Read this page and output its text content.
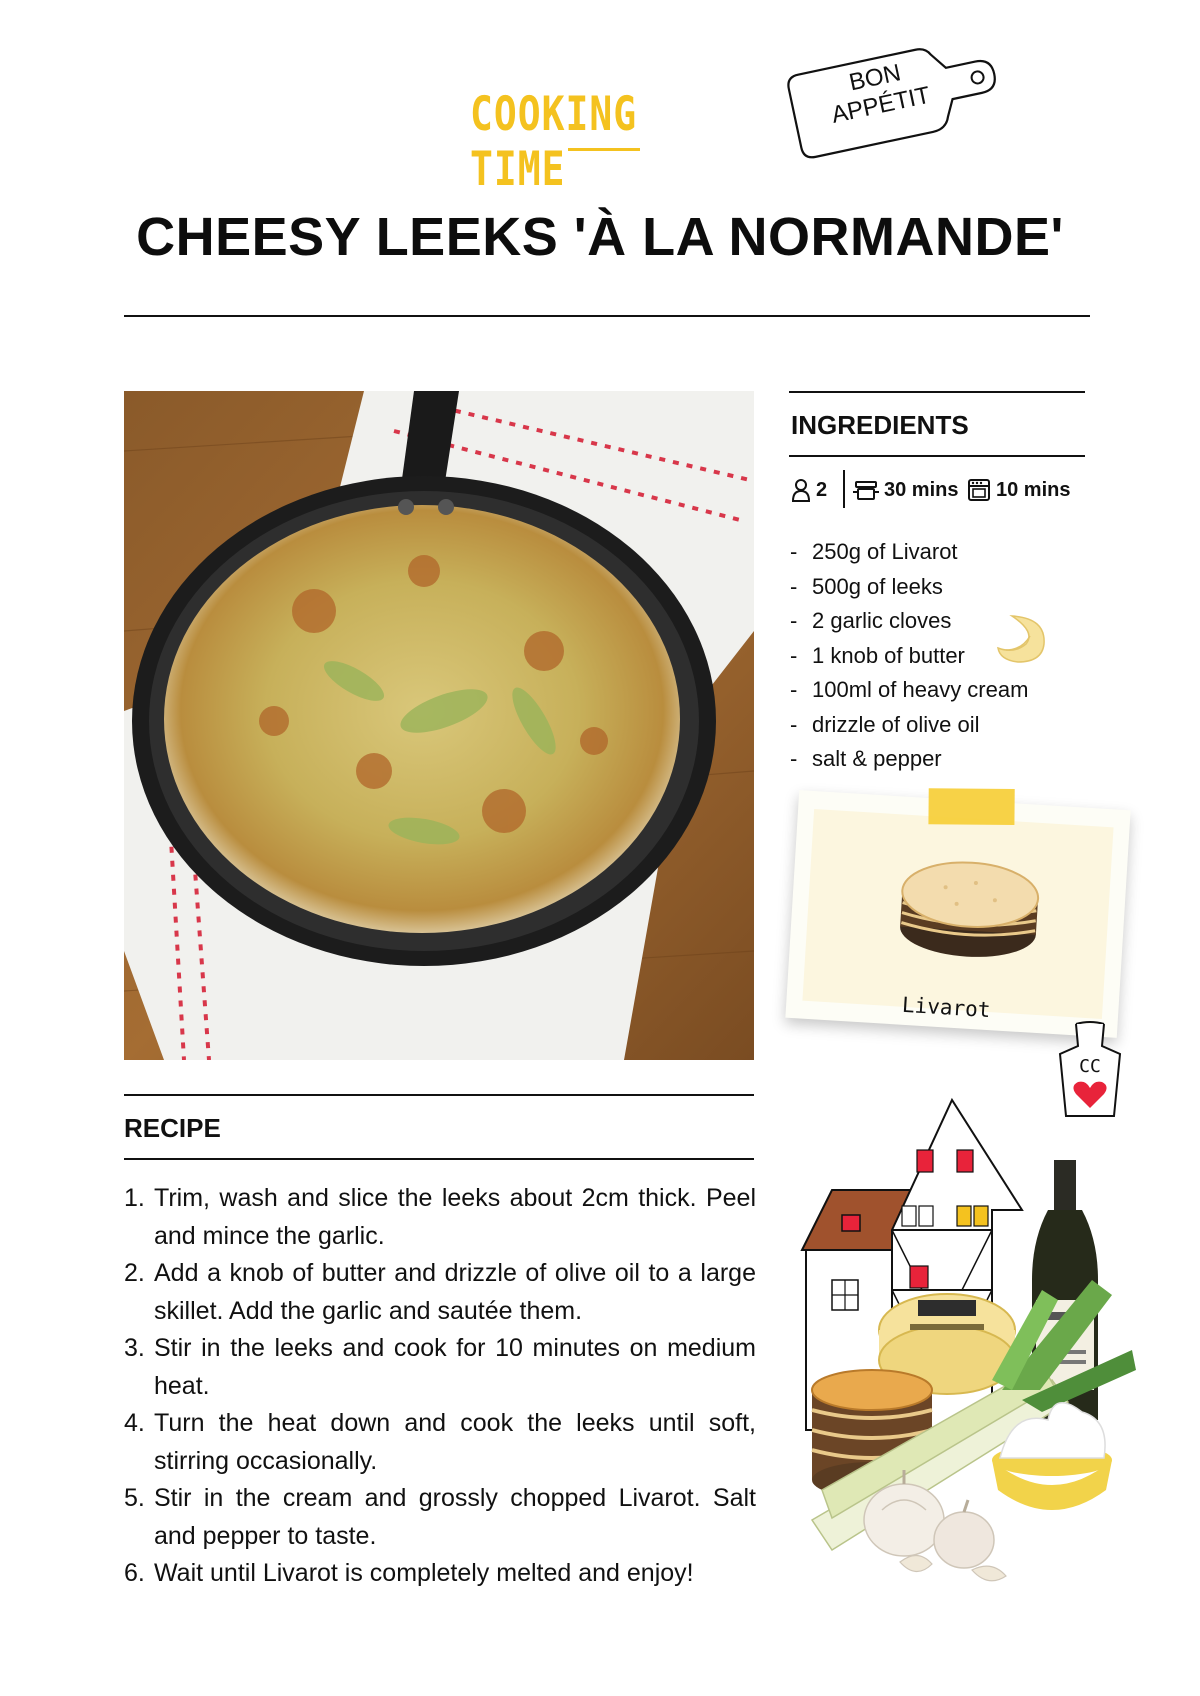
COOKING TIME
BON APPÉTIT
CHEESY LEEKS 'À LA NORMANDE'
INGREDIENTS
2	30 mins 10 mins
- 250g of Livarot
- 500g of leeks
- 2 garlic cloves
- 1 knob of butter
- 100ml of heavy cream
- drizzle of olive oil
- salt & pepper
Livarot
CC
RECIPE
1. Trim, wash and slice the leeks about 2cm thick. Peel and mince the garlic.
2. Add a knob of butter and drizzle of olive oil to a large skillet. Add the garlic and sautée them.
3. Stir in the leeks and cook for 10 minutes on medium heat.
4. Turn the heat down and cook the leeks until soft, stirring occasionally.
5. Stir in the cream and grossly chopped Livarot. Salt and pepper to taste.
6. Wait until Livarot is completely melted and enjoy!
